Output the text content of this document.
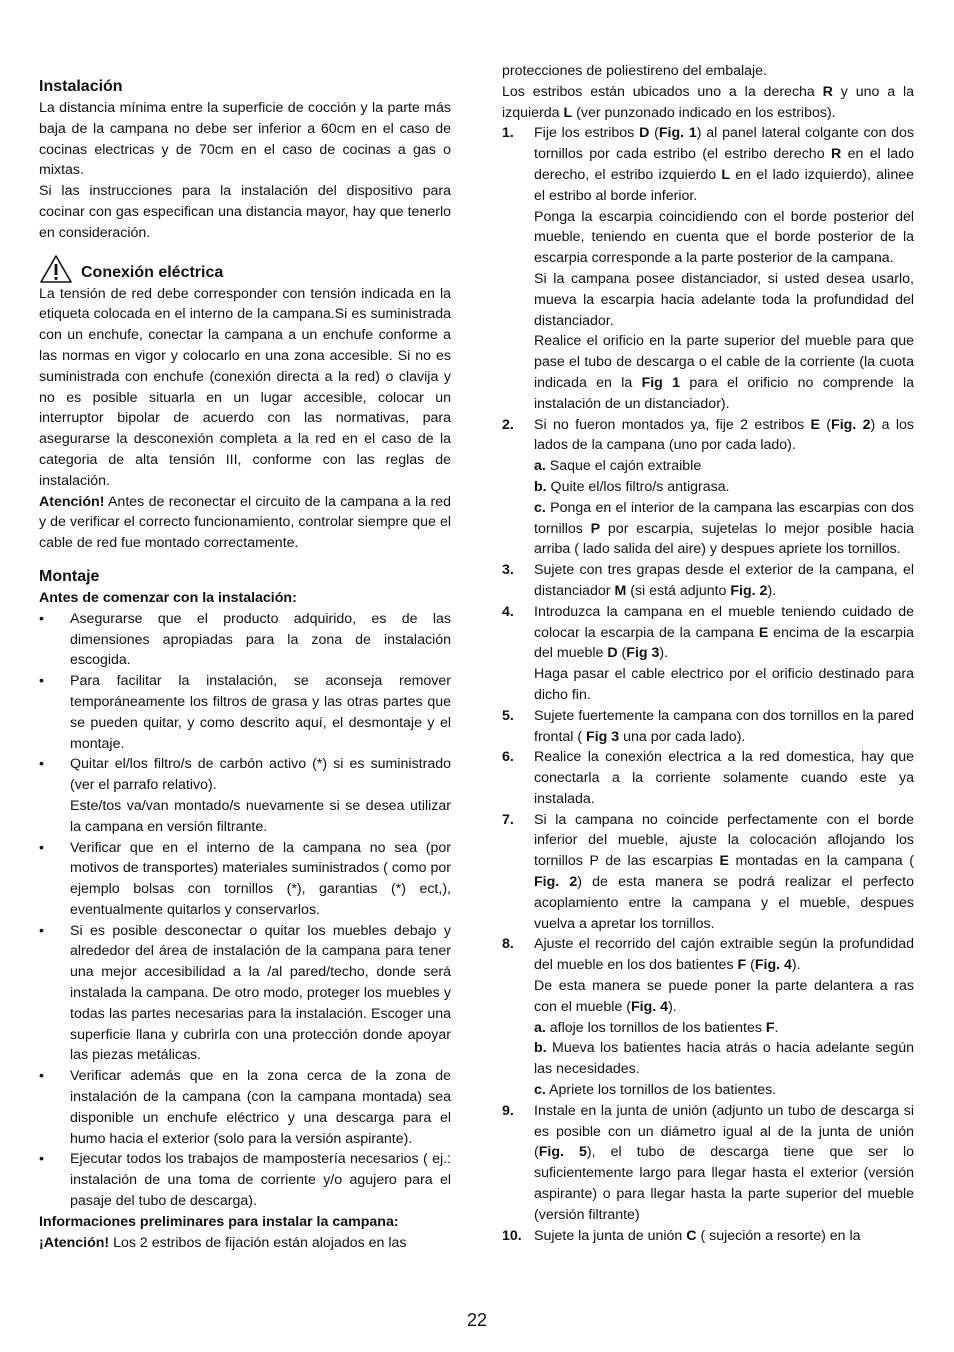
Instalación

La distancia mínima entre la superficie de cocción y la parte más baja de la campana no debe ser inferior a 60cm en el caso de cocinas electricas y de 70cm en el caso de cocinas a gas o mixtas.

Si las instrucciones para la instalación del dispositivo para cocinar con gas especifican una distancia mayor, hay que tenerlo en consideración.

Conexión eléctrica

La tensión de red debe corresponder con tensión indicada en la etiqueta colocada en el interno de la campana.Si es suministrada con un enchufe, conectar la campana a un enchufe conforme a las normas en vigor y colocarlo en una zona accesible. Si no es suministrada con enchufe (conexión directa a la red) o clavija y no es posible situarla en un lugar accesible, colocar un interruptor bipolar de acuerdo con las normativas, para asegurarse la desconexión completa a la red en el caso de la categoria de alta tensión III, conforme con las reglas de instalación.

Atención! Antes de reconectar el circuito de la campana a la red y de verificar el correcto funcionamiento, controlar siempre que el cable de red fue montado correctamente.

Montaje
Antes de comenzar con la instalación:
• Asegurarse que el producto adquirido, es de las dimensiones apropiadas para la zona de instalación escogida.
• Para facilitar la instalación, se aconseja remover temporáneamente los filtros de grasa y las otras partes que se pueden quitar, y como descrito aquí, el desmontaje y el montaje.
• Quitar el/los filtro/s de carbón activo (*) si es suministrado (ver el parrafo relativo).
Este/tos va/van montado/s nuevamente si se desea utilizar la campana en versión filtrante.
• Verificar que en el interno de la campana no sea (por motivos de transportes) materiales suministrados ( como por ejemplo bolsas con tornillos (*), garantias (*) ect,), eventualmente quitarlos y conservarlos.
• Si es posible desconectar o quitar los muebles debajo y alrededor del área de instalación de la campana para tener una mejor accesibilidad a la /al pared/techo, donde será instalada la campana. De otro modo, proteger los muebles y todas las partes necesarias para la instalación. Escoger una superficie llana y cubrirla con una protección donde apoyar las piezas metálicas.
• Verificar además que en la zona cerca de la zona de instalación de la campana (con la campana montada) sea disponible un enchufe eléctrico y una descarga para el humo hacia el exterior (solo para la versión aspirante).
• Ejecutar todos los trabajos de mampostería necesarios ( ej.: instalación de una toma de corriente y/o agujero para el pasaje del tubo de descarga).
Informaciones preliminares para instalar la campana:

¡Atención! Los 2 estribos de fijación están alojados en las

protecciones de poliestireno del embalaje.

Los estribos están ubicados uno a la derecha R y uno a la izquierda L (ver punzonado indicado en los estribos).

1. Fije los estribos D (Fig. 1) al panel lateral colgante con dos tornillos por cada estribo (el estribo derecho R en el lado derecho, el estribo izquierdo L en el lado izquierdo), alinee el estribo al borde inferior.
Ponga la escarpia coincidiendo con el borde posterior del mueble, teniendo en cuenta que el borde posterior de la escarpia corresponde a la parte posterior de la campana.
Si la campana posee distanciador, si usted desea usarlo, mueva la escarpia hacia adelante toda la profundidad del distanciador.
Realice el orificio en la parte superior del mueble para que pase el tubo de descarga o el cable de la corriente (la cuota indicada en la Fig 1 para el orificio no comprende la instalación de un distanciador).
2. Si no fueron montados ya, fije 2 estribos E (Fig. 2) a los lados de la campana (uno por cada lado).
a. Saque el cajón extraible
b. Quite el/los filtro/s antigrasa.
c. Ponga en el interior de la campana las escarpias con dos tornillos P por escarpia, sujetelas lo mejor posible hacia arriba ( lado salida del aire) y despues apriete los tornillos.
3. Sujete con tres grapas desde el exterior de la campana, el distanciador M (si está adjunto Fig. 2).
4. Introduzca la campana en el mueble teniendo cuidado de colocar la escarpia de la campana E encima de la escarpia del mueble D (Fig 3).
Haga pasar el cable electrico por el orificio destinado para dicho fin.
5. Sujete fuertemente la campana con dos tornillos en la pared frontal ( Fig 3 una por cada lado).
6. Realice la conexión electrica a la red domestica, hay que conectarla a la corriente solamente cuando este ya instalada.
7. Si la campana no coincide perfectamente con el borde inferior del mueble, ajuste la colocación aflojando los tornillos P de las escarpias E montadas en la campana ( Fig. 2) de esta manera se podrá realizar el perfecto acoplamiento entre la campana y el mueble, despues vuelva a apretar los tornillos.
8. Ajuste el recorrido del cajón extraible según la profundidad del mueble en los dos batientes F (Fig. 4).
De esta manera se puede poner la parte delantera a ras con el mueble (Fig. 4).
a. afloje los tornillos de los batientes F.
b. Mueva los batientes hacia atrás o hacia adelante según las necesidades.
c. Apriete los tornillos de los batientes.
9. Instale en la junta de unión (adjunto un tubo de descarga si es posible con un diámetro igual al de la junta de unión (Fig. 5), el tubo de descarga tiene que ser lo suficientemente largo para llegar hasta el exterior (versión aspirante) o para llegar hasta la parte superior del mueble (versión filtrante)
10. Sujete la junta de unión C ( sujeción a resorte) en la
22
